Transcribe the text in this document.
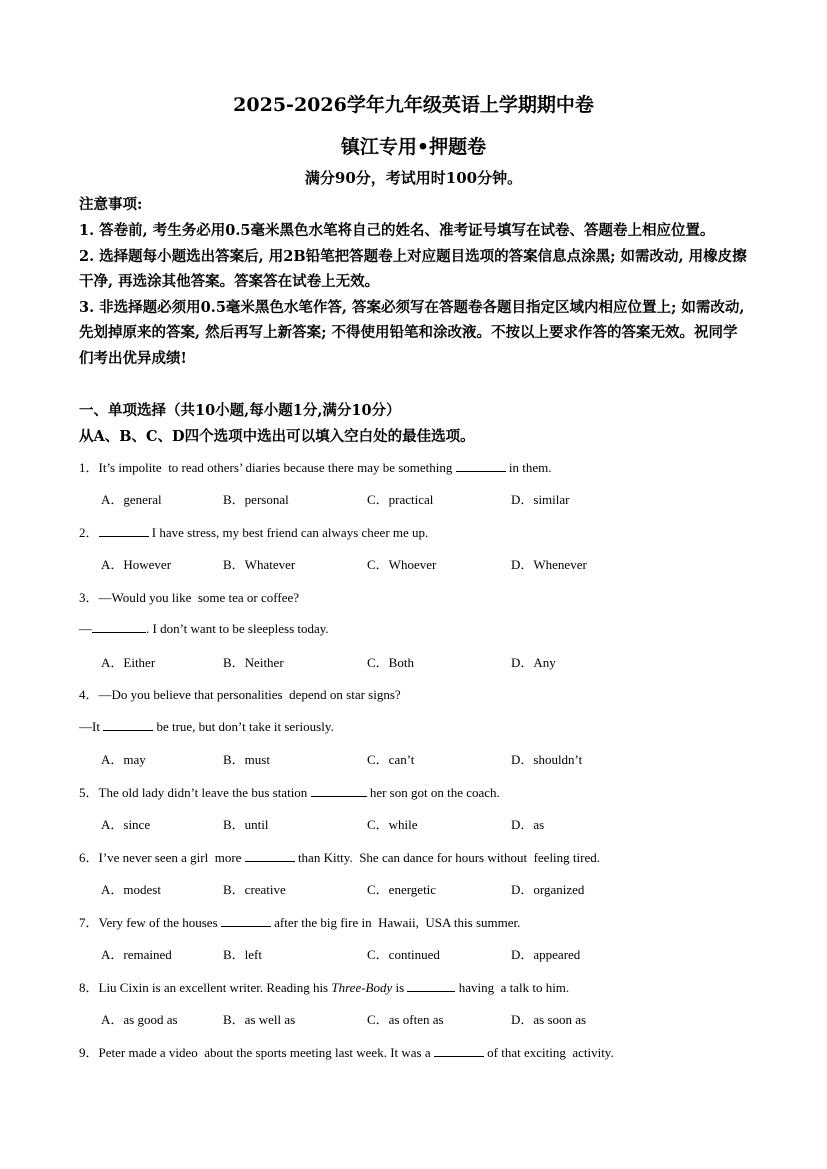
2025-2026学年九年级英语上学期期中卷
镇江专用•押题卷
满分90分，考试用时100分钟。
注意事项:

1. 答卷前, 考生务必用0.5毫米黑色水笔将自己的姓名、准考证号填写在试卷、答题卷上相应位置。

2. 选择题每小题选出答案后, 用2B铅笔把答题卷上对应题目选项的答案信息点涂黑; 如需改动, 用橡皮擦干净, 再选涂其他答案。答案答在试卷上无效。

3. 非选择题必须用0.5毫米黑色水笔作答, 答案必须写在答题卷各题目指定区域内相应位置上; 如需改动, 先划掉原来的答案, 然后再写上新答案; 不得使用铅笔和涂改液。不按以上要求作答的答案无效。祝同学们考出优异成绩!

一、单项选择（共10小题,每小题1分,满分10分）
从A、B、C、D四个选项中选出可以填入空白处的最佳选项。
1．It’s impolite  to read others’ diaries because there may be something	in them.
A．general	B．personal	C．practical	D．similar
2．	I have stress, my best friend can always cheer me up.
A．However	B．Whatever	C．Whoever	D．Whenever
3．—Would you like  some tea or coffee?
—	. I don’t want to be sleepless today.
A．Either	B．Neither	C．Both	D．Any
4．—Do you believe that personalities  depend on star signs?
—It	be true, but don’t take it seriously.
A．may	B．must	C．can’t	D．shouldn’t
5．The old lady didn’t leave the bus station	her son got on the coach.
A．since	B．until	C．while	D．as
6．I’ve never seen a girl  more	than Kitty.  She can dance for hours without  feeling tired.
A．modest	B．creative	C．energetic	D．organized
7．Very few of the houses	after the big fire in  Hawaii,  USA this summer.
A．remained	B．left	C．continued	D．appeared
8．Liu Cixin is an excellent writer. Reading his Three-Body is	having  a talk to him.
A．as good as	B．as well as	C．as often as	D．as soon as
9．Peter made a video  about the sports meeting last week. It was a	of that exciting  activity.
